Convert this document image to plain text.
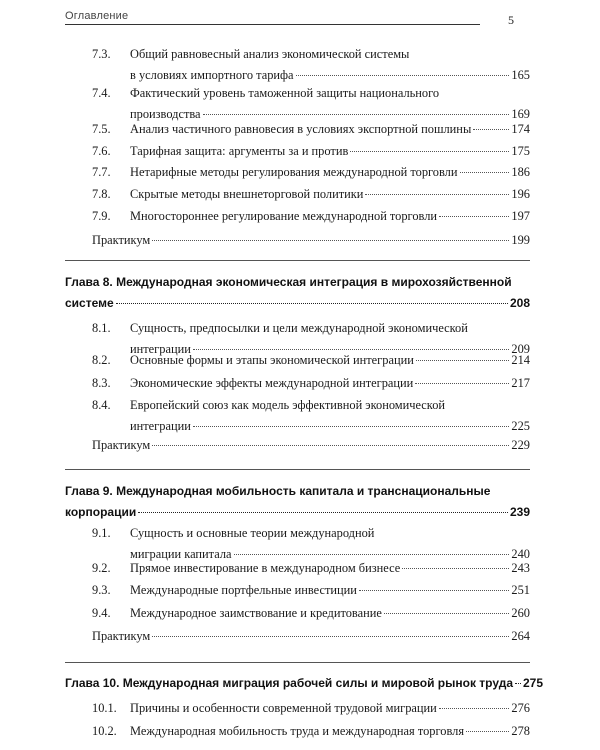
Оглавление	5
7.3.	Общий равновесный анализ экономической системы
в условиях импортного тарифа	165
7.4.	Фактический уровень таможенной защиты национального
производства	169
7.5.	Анализ частичного равновесия в условиях экспортной пошлины	174
7.6.	Тарифная защита: аргументы за и против	175
7.7.	Нетарифные методы регулирования международной торговли	186
7.8.	Скрытые методы внешнеторговой политики	196
7.9.	Многостороннее регулирование международной торговли	197
Практикум	199
Глава 8. Международная экономическая интеграция в мирохозяйственной
системе	208
8.1.	Сущность, предпосылки и цели международной экономической
интеграции	209
8.2.	Основные формы и этапы экономической интеграции	214
8.3.	Экономические эффекты международной интеграции	217
8.4.	Европейский союз как модель эффективной экономической
интеграции	225
Практикум	229
Глава 9. Международная мобильность капитала и транснациональные
корпорации	239
9.1.	Сущность и основные теории международной
миграции капитала	240
9.2.	Прямое инвестирование в международном бизнесе	243
9.3.	Международные портфельные инвестиции	251
9.4.	Международное заимствование и кредитование	260
Практикум	264
Глава 10. Международная миграция рабочей силы и мировой рынок труда 275
10.1.	Причины и особенности современной трудовой миграции	276
10.2.	Международная мобильность труда и международная торговля	278
